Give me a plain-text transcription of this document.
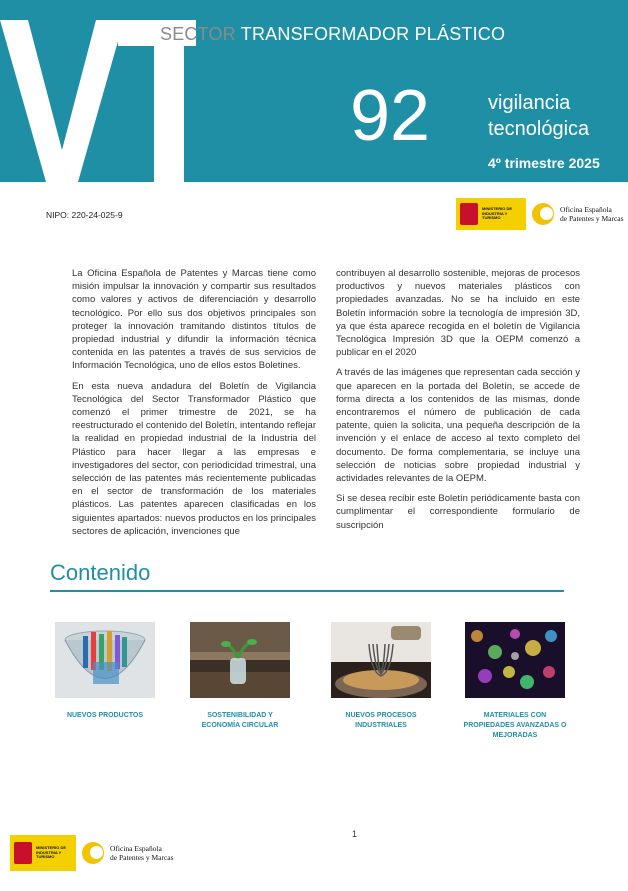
SECTOR TRANSFORMADOR PLÁSTICO
92	vigilancia
tecnológica
4º trimestre 2025
NIPO: 220-24-025-9
MINISTERIO DE INDUSTRIA Y TURISMO
Oficina Española
de Patentes y Marcas

La Oficina Española de Patentes y Marcas tiene como misión impulsar la innovación y compartir sus resultados como valores y activos de diferenciación y desarrollo tecnológico. Por ello sus dos objetivos principales son proteger la innovación tramitando distintos títulos de propiedad industrial y difundir la información técnica contenida en las patentes a través de sus servicios de Información Tecnológica, uno de ellos estos Boletines.

En esta nueva andadura del Boletín de Vigilancia Tecnológica del Sector Transformador Plástico que comenzó el primer trimestre de 2021, se ha reestructurado el contenido del Boletín, intentando reflejar la realidad en propiedad industrial de la Industria del Plástico para hacer llegar a las empresas e investigadores del sector, con periodicidad trimestral, una selección de las patentes más recientemente publicadas en el sector de transformación de los materiales plásticos. Las patentes aparecen clasificadas en los siguientes apartados: nuevos productos en los principales sectores de aplicación, invenciones que

contribuyen al desarrollo sostenible, mejoras de procesos productivos y nuevos materiales plásticos con propiedades avanzadas. No se ha incluido en este Boletín información sobre la tecnología de impresión 3D, ya que ésta aparece recogida en el boletín de Vigilancia Tecnológica Impresión 3D que la OEPM comenzó a publicar en el 2020

A través de las imágenes que representan cada sección y que aparecen en la portada del Boletín, se accede de forma directa a los contenidos de las mismas, donde encontraremos el número de publicación de cada patente, quien la solicita, una pequeña descripción de la invención y el enlace de acceso al texto completo del documento. De forma complementaria, se incluye una selección de noticias sobre propiedad industrial y actividades relevantes de la OEPM.

Si se desea recibir este Boletín periódicamente basta con cumplimentar el correspondiente formulario de suscripción

Contenido
NUEVOS PRODUCTOS	SOSTENIBILIDAD Y ECONOMÍA CIRCULAR
NUEVOS PROCESOS INDUSTRIALES
MATERIALES CON PROPIEDADES AVANZADAS O MEJORADAS
1
MINISTERIO DE INDUSTRIA Y TURISMO
Oficina Española
de Patentes y Marcas
